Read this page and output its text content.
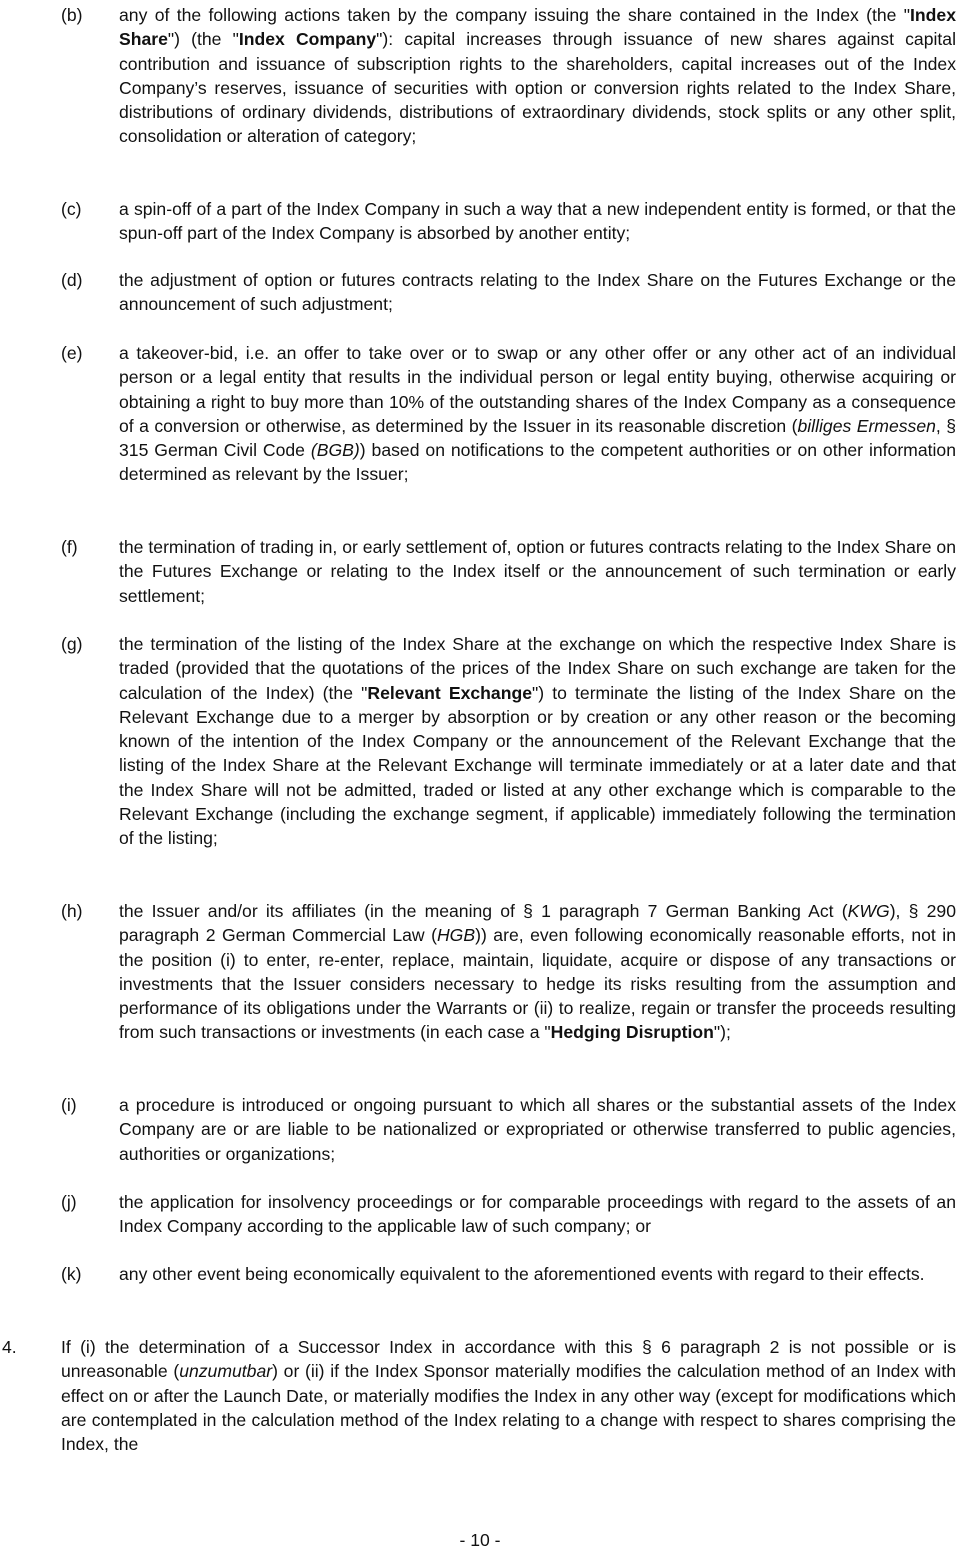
(b) any of the following actions taken by the company issuing the share contained in the Index (the "Index Share") (the "Index Company"): capital increases through issuance of new shares against capital contribution and issuance of subscription rights to the shareholders, capital increases out of the Index Company’s reserves, issuance of securities with option or conversion rights related to the Index Share, distributions of ordinary dividends, distributions of extraordinary dividends, stock splits or any other split, consolidation or alteration of category;
(c) a spin-off of a part of the Index Company in such a way that a new independent entity is formed, or that the spun-off part of the Index Company is absorbed by another entity;
(d) the adjustment of option or futures contracts relating to the Index Share on the Futures Exchange or the announcement of such adjustment;
(e) a takeover-bid, i.e. an offer to take over or to swap or any other offer or any other act of an individual person or a legal entity that results in the individual person or legal entity buying, otherwise acquiring or obtaining a right to buy more than 10% of the outstanding shares of the Index Company as a consequence of a conversion or otherwise, as determined by the Issuer in its reasonable discretion (billiges Ermessen, § 315 German Civil Code (BGB)) based on notifications to the competent authorities or on other information determined as relevant by the Issuer;
(f) the termination of trading in, or early settlement of, option or futures contracts relating to the Index Share on the Futures Exchange or relating to the Index itself or the announcement of such termination or early settlement;
(g) the termination of the listing of the Index Share at the exchange on which the respective Index Share is traded (provided that the quotations of the prices of the Index Share on such exchange are taken for the calculation of the Index) (the "Relevant Exchange") to terminate the listing of the Index Share on the Relevant Exchange due to a merger by absorption or by creation or any other reason or the becoming known of the intention of the Index Company or the announcement of the Relevant Exchange that the listing of the Index Share at the Relevant Exchange will terminate immediately or at a later date and that the Index Share will not be admitted, traded or listed at any other exchange which is comparable to the Relevant Exchange (including the exchange segment, if applicable) immediately following the termination of the listing;
(h) the Issuer and/or its affiliates (in the meaning of § 1 paragraph 7 German Banking Act (KWG), § 290 paragraph 2 German Commercial Law (HGB)) are, even following economically reasonable efforts, not in the position (i) to enter, re-enter, replace, maintain, liquidate, acquire or dispose of any transactions or investments that the Issuer considers necessary to hedge its risks resulting from the assumption and performance of its obligations under the Warrants or (ii) to realize, regain or transfer the proceeds resulting from such transactions or investments (in each case a "Hedging Disruption");
(i) a procedure is introduced or ongoing pursuant to which all shares or the substantial assets of the Index Company are or are liable to be nationalized or expropriated or otherwise transferred to public agencies, authorities or organizations;
(j) the application for insolvency proceedings or for comparable proceedings with regard to the assets of an Index Company according to the applicable law of such company; or
(k) any other event being economically equivalent to the aforementioned events with regard to their effects.
4.	If (i) the determination of a Successor Index in accordance with this § 6 paragraph 2 is not possible or is unreasonable (unzumutbar) or (ii) if the Index Sponsor materially modifies the calculation method of an Index with effect on or after the Launch Date, or materially modifies the Index in any other way (except for modifications which are contemplated in the calculation method of the Index relating to a change with respect to shares comprising the Index, the
- 10 -
